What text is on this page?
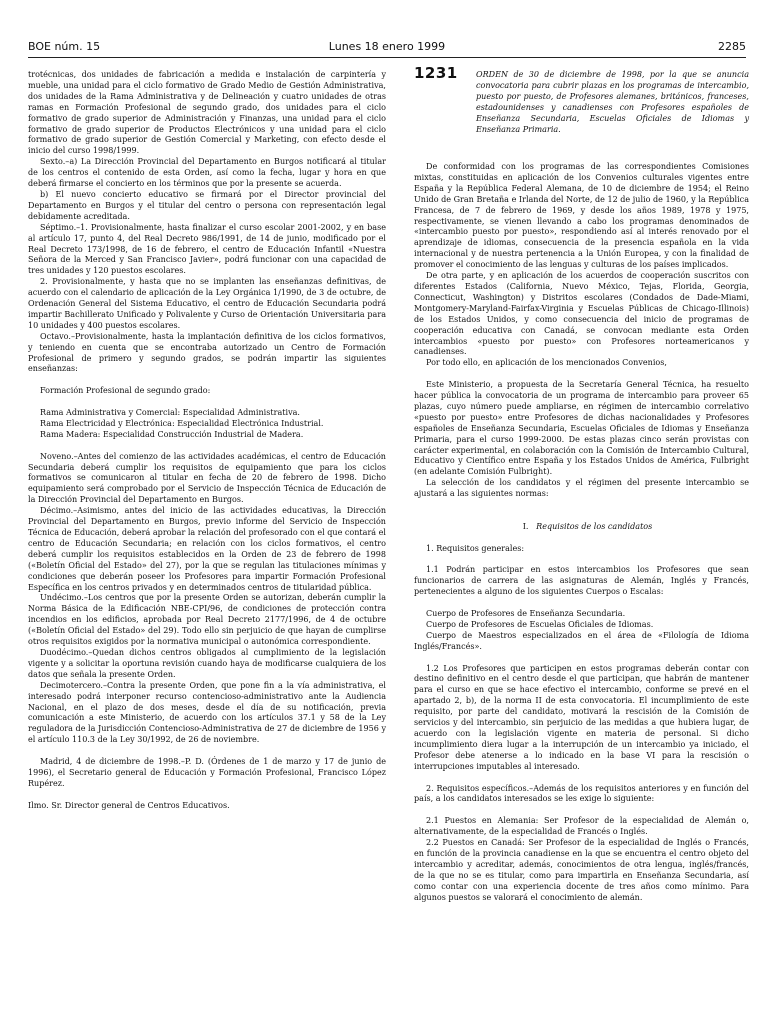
BOE núm. 15	Lunes 18 enero 1999	2285

trotécnicas, dos unidades de fabricación a medida e instalación de carpintería y mueble, una unidad para el ciclo formativo de Grado Medio de Gestión Administrativa, dos unidades de la Rama Administrativa y de Delineación y cuatro unidades de otras ramas en Formación Profesional de segundo grado, dos unidades para el ciclo formativo de grado superior de Administración y Finanzas, una unidad para el ciclo formativo de grado superior de Productos Electrónicos y una unidad para el ciclo formativo de grado superior de Gestión Comercial y Marketing, con efecto desde el inicio del curso 1998/1999.

Sexto.–a) La Dirección Provincial del Departamento en Burgos notificará al titular de los centros el contenido de esta Orden, así como la fecha, lugar y hora en que deberá firmarse el concierto en los términos que por la presente se acuerda.

b) El nuevo concierto educativo se firmará por el Director provincial del Departamento en Burgos y el titular del centro o persona con representación legal debidamente acreditada.

Séptimo.–1. Provisionalmente, hasta finalizar el curso escolar 2001-2002, y en base al artículo 17, punto 4, del Real Decreto 986/1991, de 14 de junio, modificado por el Real Decreto 173/1998, de 16 de febrero, el centro de Educación Infantil «Nuestra Señora de la Merced y San Francisco Javier», podrá funcionar con una capacidad de tres unidades y 120 puestos escolares.

2. Provisionalmente, y hasta que no se implanten las enseñanzas definitivas, de acuerdo con el calendario de aplicación de la Ley Orgánica 1/1990, de 3 de octubre, de Ordenación General del Sistema Educativo, el centro de Educación Secundaria podrá impartir Bachillerato Unificado y Polivalente y Curso de Orientación Universitaria para 10 unidades y 400 puestos escolares.

Octavo.–Provisionalmente, hasta la implantación definitiva de los ciclos formativos, y teniendo en cuenta que se encontraba autorizado un Centro de Formación Profesional de primero y segundo grados, se podrán impartir las siguientes enseñanzas:

Formación Profesional de segundo grado:

Rama Administrativa y Comercial: Especialidad Administrativa.

Rama Electricidad y Electrónica: Especialidad Electrónica Industrial.

Rama Madera: Especialidad Construcción Industrial de Madera.

Noveno.–Antes del comienzo de las actividades académicas, el centro de Educación Secundaria deberá cumplir los requisitos de equipamiento que para los ciclos formativos se comunicaron al titular en fecha de 20 de febrero de 1998. Dicho equipamiento será comprobado por el Servicio de Inspección Técnica de Educación de la Dirección Provincial del Departamento en Burgos.

Décimo.–Asimismo, antes del inicio de las actividades educativas, la Dirección Provincial del Departamento en Burgos, previo informe del Servicio de Inspección Técnica de Educación, deberá aprobar la relación del profesorado con el que contará el centro de Educación Secundaria; en relación con los ciclos formativos, el centro deberá cumplir los requisitos establecidos en la Orden de 23 de febrero de 1998 («Boletín Oficial del Estado» del 27), por la que se regulan las titulaciones mínimas y condiciones que deberán poseer los Profesores para impartir Formación Profesional Específica en los centros privados y en determinados centros de titularidad pública.

Undécimo.–Los centros que por la presente Orden se autorizan, deberán cumplir la Norma Básica de la Edificación NBE-CPI/96, de condiciones de protección contra incendios en los edificios, aprobada por Real Decreto 2177/1996, de 4 de octubre («Boletín Oficial del Estado» del 29). Todo ello sin perjuicio de que hayan de cumplirse otros requisitos exigidos por la normativa municipal o autonómica correspondiente.

Duodécimo.–Quedan dichos centros obligados al cumplimiento de la legislación vigente y a solicitar la oportuna revisión cuando haya de modificarse cualquiera de los datos que señala la presente Orden.

Decimotercero.–Contra la presente Orden, que pone fin a la vía administrativa, el interesado podrá interponer recurso contencioso-administrativo ante la Audiencia Nacional, en el plazo de dos meses, desde el día de su notificación, previa comunicación a este Ministerio, de acuerdo con los artículos 37.1 y 58 de la Ley reguladora de la Jurisdicción Contencioso-Administrativa de 27 de diciembre de 1956 y el artículo 110.3 de la Ley 30/1992, de 26 de noviembre.

Madrid, 4 de diciembre de 1998.–P. D. (Órdenes de 1 de marzo y 17 de junio de 1996), el Secretario general de Educación y Formación Profesional, Francisco López Rupérez.

Ilmo. Sr. Director general de Centros Educativos.

1231 ORDEN de 30 de diciembre de 1998, por la que se anuncia convocatoria para cubrir plazas en los programas de intercambio, puesto por puesto, de Profesores alemanes, británicos, franceses, estadounidenses y canadienses con Profesores españoles de Enseñanza Secundaria, Escuelas Oficiales de Idiomas y Enseñanza Primaria.

De conformidad con los programas de las correspondientes Comisiones mixtas, constituidas en aplicación de los Convenios culturales vigentes entre España y la República Federal Alemana, de 10 de diciembre de 1954; el Reino Unido de Gran Bretaña e Irlanda del Norte, de 12 de julio de 1960, y la República Francesa, de 7 de febrero de 1969, y desde los años 1989, 1978 y 1975, respectivamente, se vienen llevando a cabo los programas denominados de «intercambio puesto por puesto», respondiendo así al interés renovado por el aprendizaje de idiomas, consecuencia de la presencia española en la vida internacional y de nuestra pertenencia a la Unión Europea, y con la finalidad de promover el conocimiento de las lenguas y culturas de los países implicados.

De otra parte, y en aplicación de los acuerdos de cooperación suscritos con diferentes Estados (California, Nuevo México, Tejas, Florida, Georgia, Connecticut, Washington) y Distritos escolares (Condados de Dade-Miami, Montgomery-Maryland-Fairfax-Virginia y Escuelas Públicas de Chicago-Illinois) de los Estados Unidos, y como consecuencia del inicio de programas de cooperación educativa con Canadá, se convocan mediante esta Orden intercambios «puesto por puesto» con Profesores norteamericanos y canadienses.

Por todo ello, en aplicación de los mencionados Convenios,

Este Ministerio, a propuesta de la Secretaría General Técnica, ha resuelto hacer pública la convocatoria de un programa de intercambio para proveer 65 plazas, cuyo número puede ampliarse, en régimen de intercambio correlativo «puesto por puesto» entre Profesores de dichas nacionalidades y Profesores españoles de Enseñanza Secundaria, Escuelas Oficiales de Idiomas y Enseñanza Primaria, para el curso 1999-2000. De estas plazas cinco serán provistas con carácter experimental, en colaboración con la Comisión de Intercambio Cultural, Educativo y Científico entre España y los Estados Unidos de América, Fulbright (en adelante Comisión Fulbright).

La selección de los candidatos y el régimen del presente intercambio se ajustará a las siguientes normas:

I. Requisitos de los candidatos

1. Requisitos generales:

1.1 Podrán participar en estos intercambios los Profesores que sean funcionarios de carrera de las asignaturas de Alemán, Inglés y Francés, pertenecientes a alguno de los siguientes Cuerpos o Escalas:

Cuerpo de Profesores de Enseñanza Secundaria.

Cuerpo de Profesores de Escuelas Oficiales de Idiomas.

Cuerpo de Maestros especializados en el área de «Filología de Idioma Inglés/Francés».

1.2 Los Profesores que participen en estos programas deberán contar con destino definitivo en el centro desde el que participan, que habrán de mantener para el curso en que se hace efectivo el intercambio, conforme se prevé en el apartado 2, b), de la norma II de esta convocatoria. El incumplimiento de este requisito, por parte del candidato, motivará la rescisión de la Comisión de servicios y del intercambio, sin perjuicio de las medidas a que hubiera lugar, de acuerdo con la legislación vigente en materia de personal. Si dicho incumplimiento diera lugar a la interrupción de un intercambio ya iniciado, el Profesor debe atenerse a lo indicado en la base VI para la rescisión o interrupciones imputables al interesado.

2. Requisitos específicos.–Además de los requisitos anteriores y en función del país, a los candidatos interesados se les exige lo siguiente:

2.1 Puestos en Alemania: Ser Profesor de la especialidad de Alemán o, alternativamente, de la especialidad de Francés o Inglés.

2.2 Puestos en Canadá: Ser Profesor de la especialidad de Inglés o Francés, en función de la provincia canadiense en la que se encuentra el centro objeto del intercambio y acreditar, además, conocimientos de otra lengua, inglés/francés, de la que no se es titular, como para impartirla en Enseñanza Secundaria, así como contar con una experiencia docente de tres años como mínimo. Para algunos puestos se valorará el conocimiento de alemán.
